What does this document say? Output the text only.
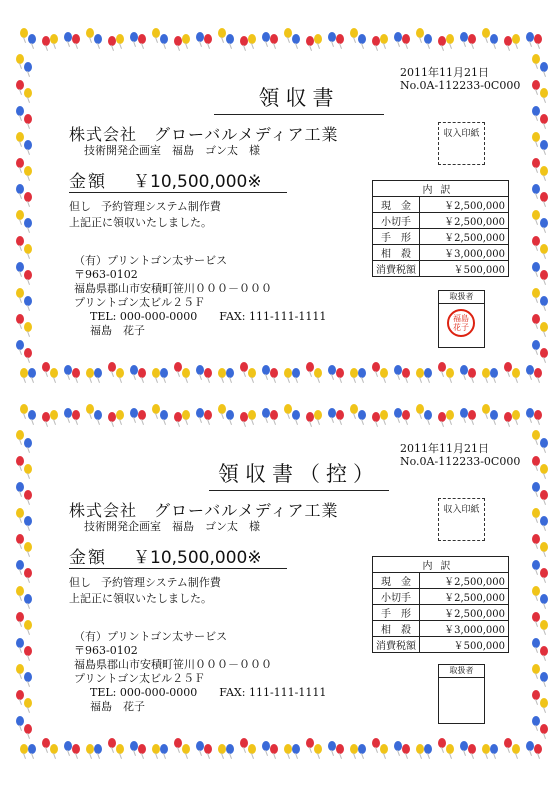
2011年11月21日
No.0A-112233-0C000
領収書
株式会社　グローバルメディア工業
技術開発企画室　福島　ゴン太　様
収入印紙
金額 ￥10,500,000※
但し 予約管理システム制作費
上記正に領収いたしました。
（有）プリントゴン太サービス
〒963-0102
福島県郡山市安積町笹川０００－０００
プリントゴン太ビル２５Ｆ
TEL: 000-000-0000 FAX: 111-111-1111
福島　花子
内訳	
現　金	￥2,500,000
小切手	￥2,500,000
手　形	￥2,500,000
相　殺	￥3,000,000
消費税額	￥500,000
取扱者
福島
花子
2011年11月21日
No.0A-112233-0C000
領収書（控）
株式会社　グローバルメディア工業
技術開発企画室　福島　ゴン太　様
収入印紙
金額 ￥10,500,000※
但し 予約管理システム制作費
上記正に領収いたしました。
（有）プリントゴン太サービス
〒963-0102
福島県郡山市安積町笹川０００－０００
プリントゴン太ビル２５Ｆ
TEL: 000-000-0000 FAX: 111-111-1111
福島　花子
内訳	
現　金	￥2,500,000
小切手	￥2,500,000
手　形	￥2,500,000
相　殺	￥3,000,000
消費税額	￥500,000
取扱者
